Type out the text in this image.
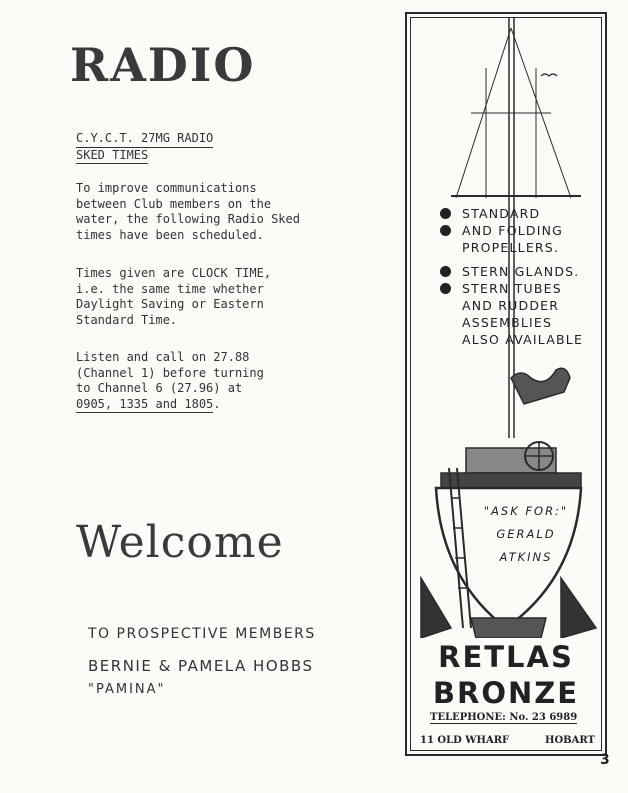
RADIO
C.Y.C.T. 27MG RADIO
SKED TIMES
To improve communications
between Club members on the
water, the following Radio Sked
times have been scheduled.
Times given are CLOCK TIME,
i.e. the same time whether
Daylight Saving or Eastern
Standard Time.
Listen and call on 27.88
(Channel 1) before turning
to Channel 6 (27.96) at
0905, 1335 and 1805.
Welcome
TO PROSPECTIVE MEMBERS
BERNIE & PAMELA HOBBS
"PAMINA"
STANDARD
AND FOLDING
PROPELLERS.
STERN GLANDS.
STERN TUBES
AND RUDDER
ASSEMBLIES
ALSO AVAILABLE
"ASK FOR:"
GERALD
ATKINS
RETLAS
BRONZE
TELEPHONE: No. 23 6989
11 OLD WHARF	HOBART
3
